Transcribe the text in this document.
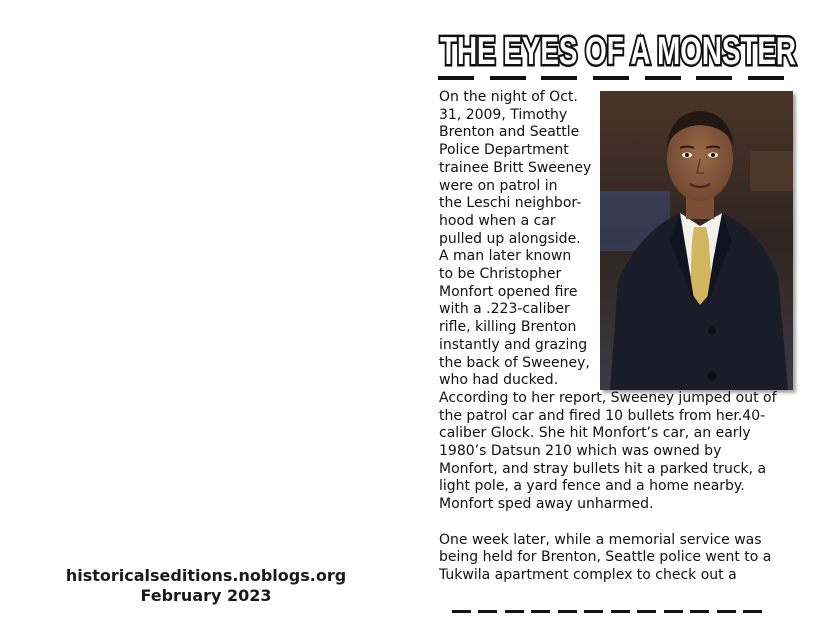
THE EYES OF A MONSTER
On the night of Oct.
31, 2009, Timothy
Brenton and Seattle
Police Department
trainee Britt Sweeney
were on patrol in
the Leschi neighbor-
hood when a car
pulled up alongside.
A man later known
to be Christopher
Monfort opened fire
with a .223-caliber
rifle, killing Brenton
instantly and grazing
the back of Sweeney,
who had ducked.
According to her report, Sweeney jumped out of
the patrol car and fired 10 bullets from her.40-
caliber Glock. She hit Monfort’s car, an early
1980’s Datsun 210 which was owned by
Monfort, and stray bullets hit a parked truck, a
light pole, a yard fence and a home nearby.
Monfort sped away unharmed.
One week later, while a memorial service was
being held for Brenton, Seattle police went to a
Tukwila apartment complex to check out a
historicalseditions.noblogs.org
February 2023
